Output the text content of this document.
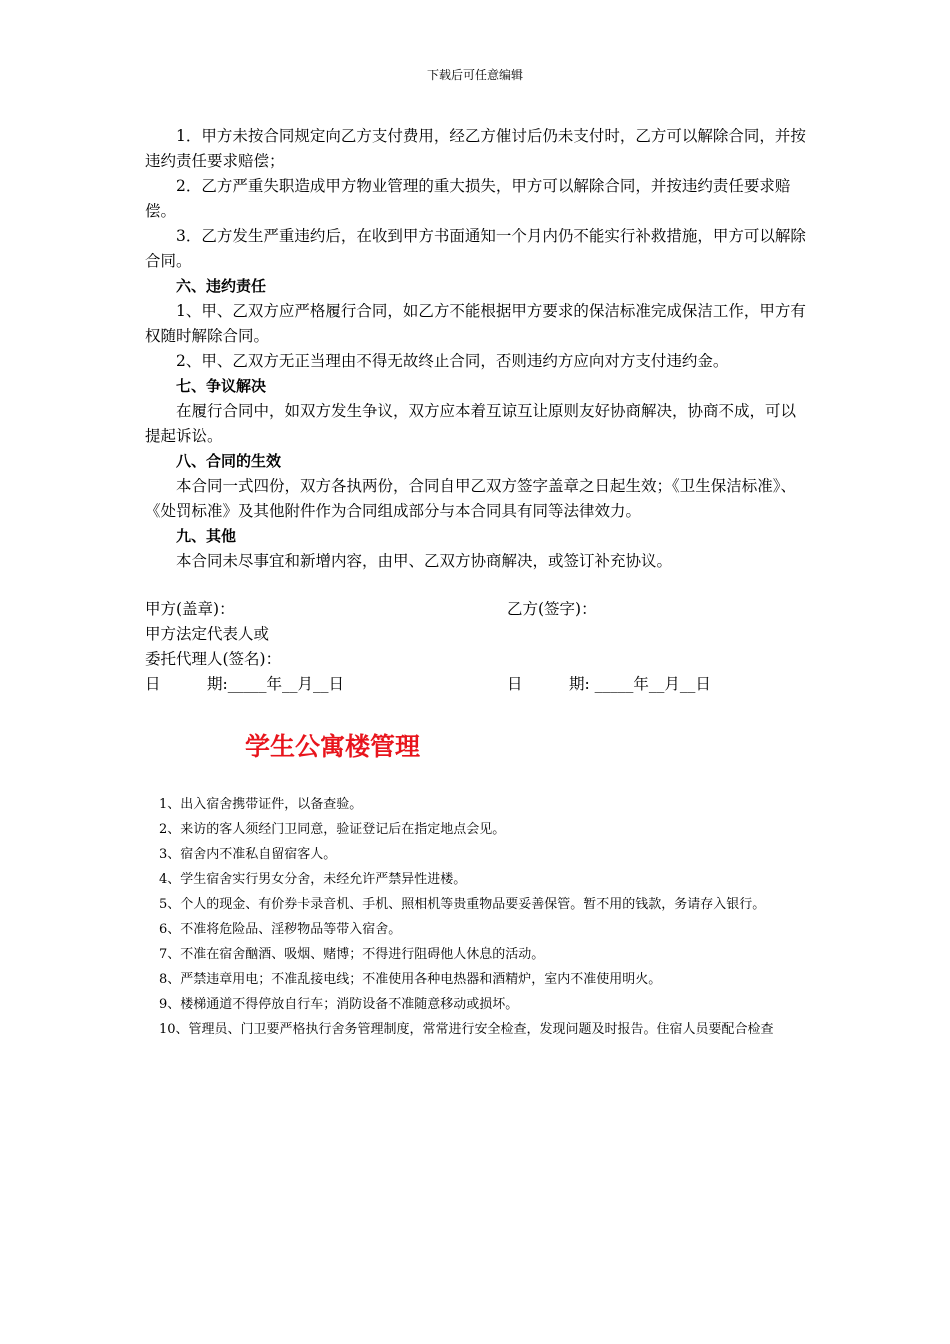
下载后可任意编辑

1．甲方未按合同规定向乙方支付费用，经乙方催讨后仍未支付时，乙方可以解除合同，并按违约责任要求赔偿；

2．乙方严重失职造成甲方物业管理的重大损失，甲方可以解除合同，并按违约责任要求赔偿。

3．乙方发生严重违约后，在收到甲方书面通知一个月内仍不能实行补救措施，甲方可以解除合同。

六、违约责任

1、甲、乙双方应严格履行合同，如乙方不能根据甲方要求的保洁标准完成保洁工作，甲方有权随时解除合同。

2、甲、乙双方无正当理由不得无故终止合同，否则违约方应向对方支付违约金。

七、争议解决

在履行合同中，如双方发生争议，双方应本着互谅互让原则友好协商解决，协商不成，可以提起诉讼。

八、合同的生效

本合同一式四份，双方各执两份，合同自甲乙双方签字盖章之日起生效；《卫生保洁标准》、《处罚标准》及其他附件作为合同组成部分与本合同具有同等法律效力。

九、其他

本合同未尽事宜和新增内容，由甲、乙双方协商解决，或签订补充协议。

甲方(盖章)：	乙方(签字)：
甲方法定代表人或
委托代理人(签名)：
日　　　期:_____年__月__日	日　　　期: _____年__月__日
学生公寓楼管理

1、出入宿舍携带证件，以备查验。

2、来访的客人须经门卫同意，验证登记后在指定地点会见。

3、宿舍内不准私自留宿客人。

4、学生宿舍实行男女分舍，未经允许严禁异性进楼。

5、个人的现金、有价券卡录音机、手机、照相机等贵重物品要妥善保管。暂不用的钱款，务请存入银行。

6、不准将危险品、淫秽物品等带入宿舍。

7、不准在宿舍酗酒、吸烟、赌博；不得进行阻碍他人休息的活动。

8、严禁违章用电；不准乱接电线；不准使用各种电热器和酒精炉，室内不准使用明火。

9、楼梯通道不得停放自行车；消防设备不准随意移动或损坏。

10、管理员、门卫要严格执行舍务管理制度，常常进行安全检查，发现问题及时报告。住宿人员要配合检查
